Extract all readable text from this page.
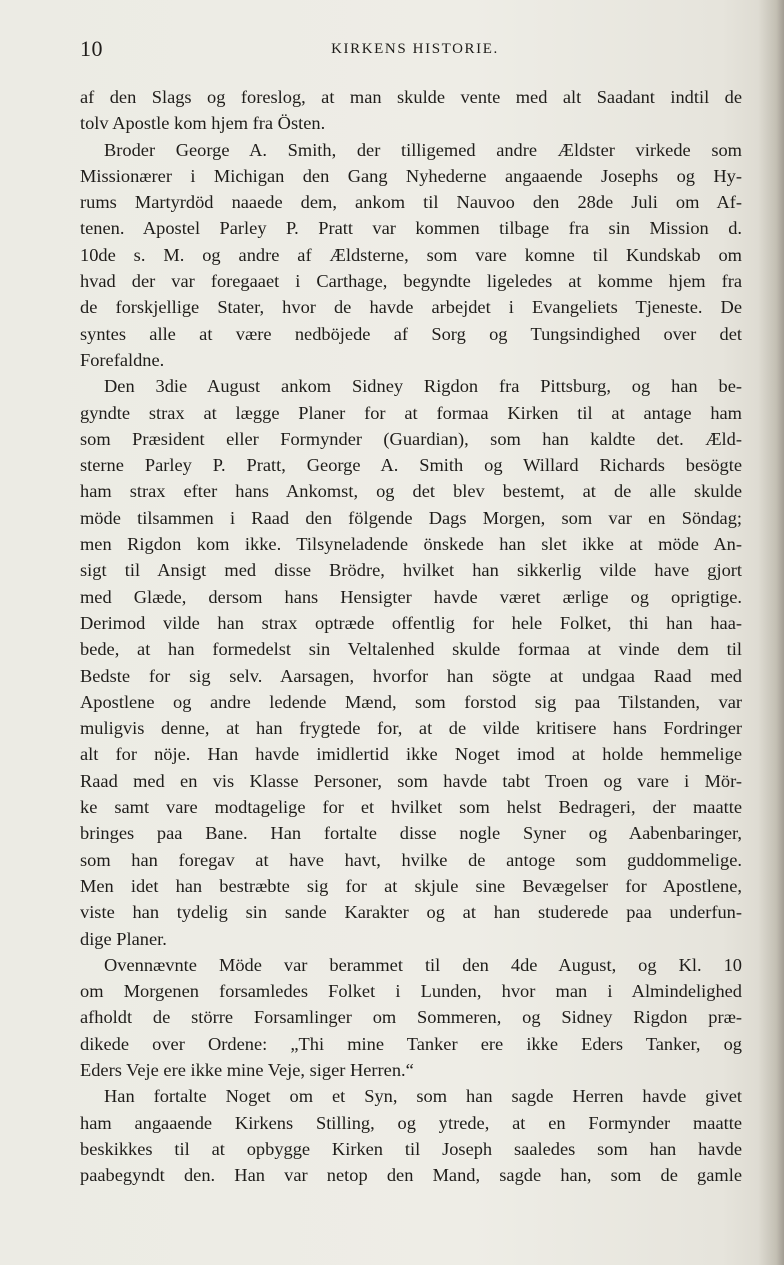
10	KIRKENS HISTORIE.
af den Slags og foreslog, at man skulde vente med alt Saadant indtil de
tolv Apostle kom hjem fra Östen.
Broder George A. Smith, der tilligemed andre Ældster virkede som
Missionærer i Michigan den Gang Nyhederne angaaende Josephs og Hy-
rums Martyrdöd naaede dem, ankom til Nauvoo den 28de Juli om Af-
tenen. Apostel Parley P. Pratt var kommen tilbage fra sin Mission d.
10de s. M. og andre af Ældsterne, som vare komne til Kundskab om
hvad der var foregaaet i Carthage, begyndte ligeledes at komme hjem fra
de forskjellige Stater, hvor de havde arbejdet i Evangeliets Tjeneste. De
syntes alle at være nedböjede af Sorg og Tungsindighed over det
Forefaldne.
Den 3die August ankom Sidney Rigdon fra Pittsburg, og han be-
gyndte strax at lægge Planer for at formaa Kirken til at antage ham
som Præsident eller Formynder (Guardian), som han kaldte det. Æld-
sterne Parley P. Pratt, George A. Smith og Willard Richards besögte
ham strax efter hans Ankomst, og det blev bestemt, at de alle skulde
möde tilsammen i Raad den fölgende Dags Morgen, som var en Söndag;
men Rigdon kom ikke. Tilsyneladende önskede han slet ikke at möde An-
sigt til Ansigt med disse Brödre, hvilket han sikkerlig vilde have gjort
med Glæde, dersom hans Hensigter havde været ærlige og oprigtige.
Derimod vilde han strax optræde offentlig for hele Folket, thi han haa-
bede, at han formedelst sin Veltalenhed skulde formaa at vinde dem til
Bedste for sig selv. Aarsagen, hvorfor han sögte at undgaa Raad med
Apostlene og andre ledende Mænd, som forstod sig paa Tilstanden, var
muligvis denne, at han frygtede for, at de vilde kritisere hans Fordringer
alt for nöje. Han havde imidlertid ikke Noget imod at holde hemmelige
Raad med en vis Klasse Personer, som havde tabt Troen og vare i Mör-
ke samt vare modtagelige for et hvilket som helst Bedrageri, der maatte
bringes paa Bane. Han fortalte disse nogle Syner og Aabenbaringer,
som han foregav at have havt, hvilke de antoge som guddommelige.
Men idet han bestræbte sig for at skjule sine Bevægelser for Apostlene,
viste han tydelig sin sande Karakter og at han studerede paa underfun-
dige Planer.
Ovennævnte Möde var berammet til den 4de August, og Kl. 10
om Morgenen forsamledes Folket i Lunden, hvor man i Almindelighed
afholdt de större Forsamlinger om Sommeren, og Sidney Rigdon præ-
dikede over Ordene: „Thi mine Tanker ere ikke Eders Tanker, og
Eders Veje ere ikke mine Veje, siger Herren.“
Han fortalte Noget om et Syn, som han sagde Herren havde givet
ham angaaende Kirkens Stilling, og ytrede, at en Formynder maatte
beskikkes til at opbygge Kirken til Joseph saaledes som han havde
paabegyndt den. Han var netop den Mand, sagde han, som de gamle
